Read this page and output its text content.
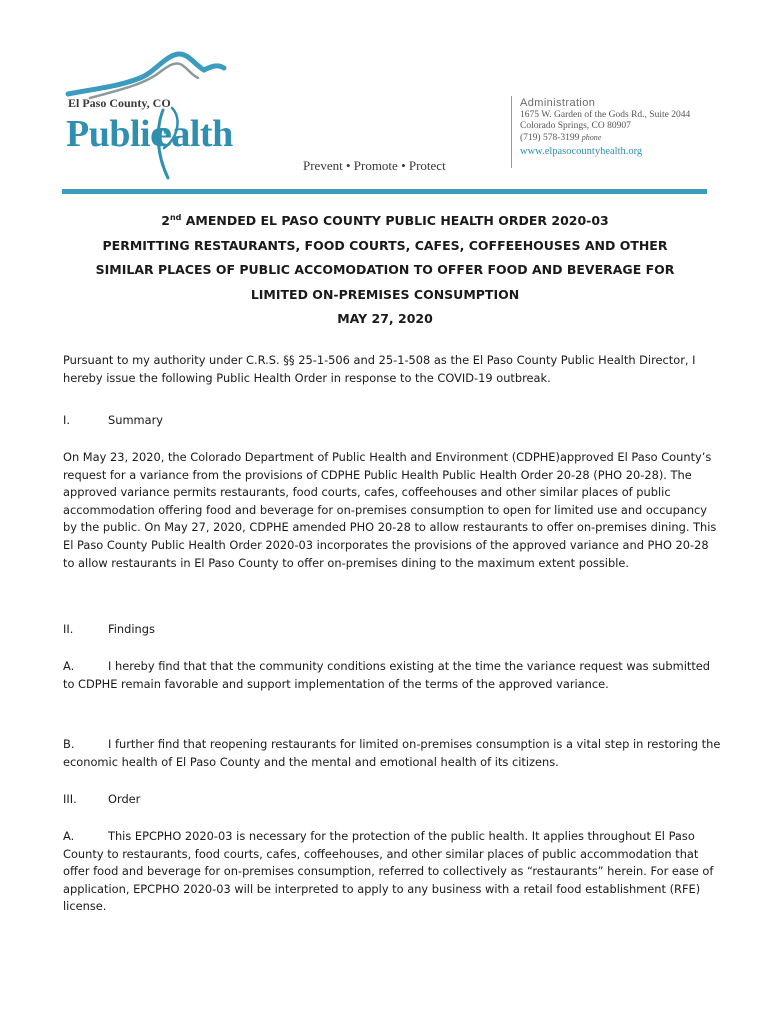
El Paso County, CO
Public
ealth
Prevent • Promote • Protect
Administration
1675 W. Garden of the Gods Rd., Suite 2044
Colorado Springs, CO 80907
(719) 578-3199 phone
www.elpasocountyhealth.org
2nd AMENDED EL PASO COUNTY PUBLIC HEALTH ORDER 2020-03
PERMITTING RESTAURANTS, FOOD COURTS, CAFES, COFFEEHOUSES AND OTHER
SIMILAR PLACES OF PUBLIC ACCOMODATION TO OFFER FOOD AND BEVERAGE FOR
LIMITED ON-PREMISES CONSUMPTION
MAY 27, 2020
Pursuant to my authority under C.R.S. §§ 25-1-506 and 25-1-508 as the El Paso County Public Health Director, I hereby issue the following Public Health Order in response to the COVID-19 outbreak.
I.	Summary
On May 23, 2020, the Colorado Department of Public Health and Environment (CDPHE)approved El Paso County’s request for a variance from the provisions of CDPHE Public Health Public Health Order 20-28 (PHO 20-28). The approved variance permits restaurants, food courts, cafes, coffeehouses and other similar places of public accommodation offering food and beverage for on-premises consumption to open for limited use and occupancy by the public. On May 27, 2020, CDPHE amended PHO 20-28 to allow restaurants to offer on-premises dining. This El Paso County Public Health Order 2020-03 incorporates the provisions of the approved variance and PHO 20-28 to allow restaurants in El Paso County to offer on-premises dining to the maximum extent possible.
II.	Findings
A.	I hereby find that that the community conditions existing at the time the variance request was submitted to CDPHE remain favorable and support implementation of the terms of the approved variance.
B.	I further find that reopening restaurants for limited on-premises consumption is a vital step in restoring the economic health of El Paso County and the mental and emotional health of its citizens.
III.	Order
A.	This EPCPHO 2020-03 is necessary for the protection of the public health. It applies throughout El Paso County to restaurants, food courts, cafes, coffeehouses, and other similar places of public accommodation that offer food and beverage for on-premises consumption, referred to collectively as “restaurants” herein. For ease of application, EPCPHO 2020-03 will be interpreted to apply to any business with a retail food establishment (RFE) license.
